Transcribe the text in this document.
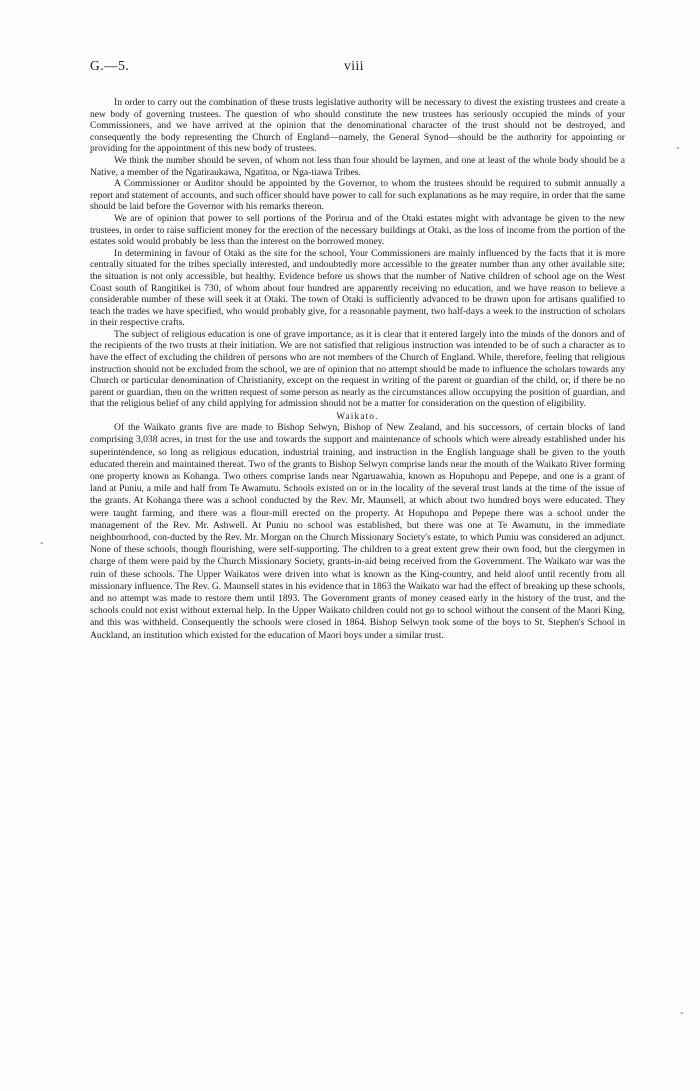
G.—5.	viii

In order to carry out the combination of these trusts legislative authority will be necessary to divest the existing trustees and create a new body of governing trustees. The question of who should constitute the new trustees has seriously occupied the minds of your Commissioners, and we have arrived at the opinion that the denominational character of the trust should not be destroyed, and consequently the body representing the Church of England—namely, the General Synod—should be the authority for appointing or providing for the appointment of this new body of trustees.

We think the number should be seven, of whom not less than four should be laymen, and one at least of the whole body should be a Native, a member of the Ngatiraukawa, Ngatitoa, or Nga-tiawa Tribes.

A Commissioner or Auditor should be appointed by the Governor, to whom the trustees should be required to submit annually a report and statement of accounts, and such officer should have power to call for such explanations as he may require, in order that the same should be laid before the Governor with his remarks thereon.

We are of opinion that power to sell portions of the Porirua and of the Otaki estates might with advantage be given to the new trustees, in order to raise sufficient money for the erection of the necessary buildings at Otaki, as the loss of income from the portion of the estates sold would probably be less than the interest on the borrowed money.

In determining in favour of Otaki as the site for the school, Your Commissioners are mainly influenced by the facts that it is more centrally situated for the tribes specially interested, and undoubtedly more accessible to the greater number than any other available site; the situation is not only accessible, but healthy. Evidence before us shows that the number of Native children of school age on the West Coast south of Rangitikei is 730, of whom about four hundred are apparently receiving no education, and we have reason to believe a considerable number of these will seek it at Otaki. The town of Otaki is sufficiently advanced to be drawn upon for artisans qualified to teach the trades we have specified, who would probably give, for a reasonable payment, two half-days a week to the instruction of scholars in their respective crafts.

The subject of religious education is one of grave importance, as it is clear that it entered largely into the minds of the donors and of the recipients of the two trusts at their initiation. We are not satisfied that religious instruction was intended to be of such a character as to have the effect of excluding the children of persons who are not members of the Church of England. While, therefore, feeling that religious instruction should not be excluded from the school, we are of opinion that no attempt should be made to influence the scholars towards any Church or particular denomination of Christianity, except on the request in writing of the parent or guardian of the child, or, if there be no parent or guardian, then on the written request of some person as nearly as the circumstances allow occupying the position of guardian, and that the religious belief of any child applying for admission should not be a matter for consideration on the question of eligibility.

Waikato.

Of the Waikato grants five are made to Bishop Selwyn, Bishop of New Zealand, and his successors, of certain blocks of land comprising 3,038 acres, in trust for the use and towards the support and maintenance of schools which were already established under his superintendence, so long as religious education, industrial training, and instruction in the English language shall be given to the youth educated therein and maintained thereat. Two of the grants to Bishop Selwyn comprise lands near the mouth of the Waikato River forming one property known as Kohanga. Two others comprise lands near Ngaruawahia, known as Hopuhopu and Pepepe, and one is a grant of land at Puniu, a mile and half from Te Awamutu. Schools existed on or in the locality of the several trust lands at the time of the issue of the grants. At Kohanga there was a school conducted by the Rev. Mr. Maunsell, at which about two hundred boys were educated. They were taught farming, and there was a flour-mill erected on the property. At Hopuhopu and Pepepe there was a school under the management of the Rev. Mr. Ashwell. At Puniu no school was established, but there was one at Te Awamutu, in the immediate neighbourhood, con-ducted by the Rev. Mr. Morgan on the Church Missionary Society's estate, to which Puniu was considered an adjunct. None of these schools, though flourishing, were self-supporting. The children to a great extent grew their own food, but the clergymen in charge of them were paid by the Church Missionary Society, grants-in-aid being received from the Government. The Waikato war was the ruin of these schools. The Upper Waikatos were driven into what is known as the King-country, and held aloof until recently from all missionary influence. The Rev. G. Maunsell states in his evidence that in 1863 the Waikato war had the effect of breaking up these schools, and no attempt was made to restore them until 1893. The Government grants of money ceased early in the history of the trust, and the schools could not exist without external help. In the Upper Waikato children could not go to school without the consent of the Maori King, and this was withheld. Consequently the schools were closed in 1864. Bishop Selwyn took some of the boys to St. Stephen's School in Auckland, an institution which existed for the education of Maori boys under a similar trust.

-
-
-
